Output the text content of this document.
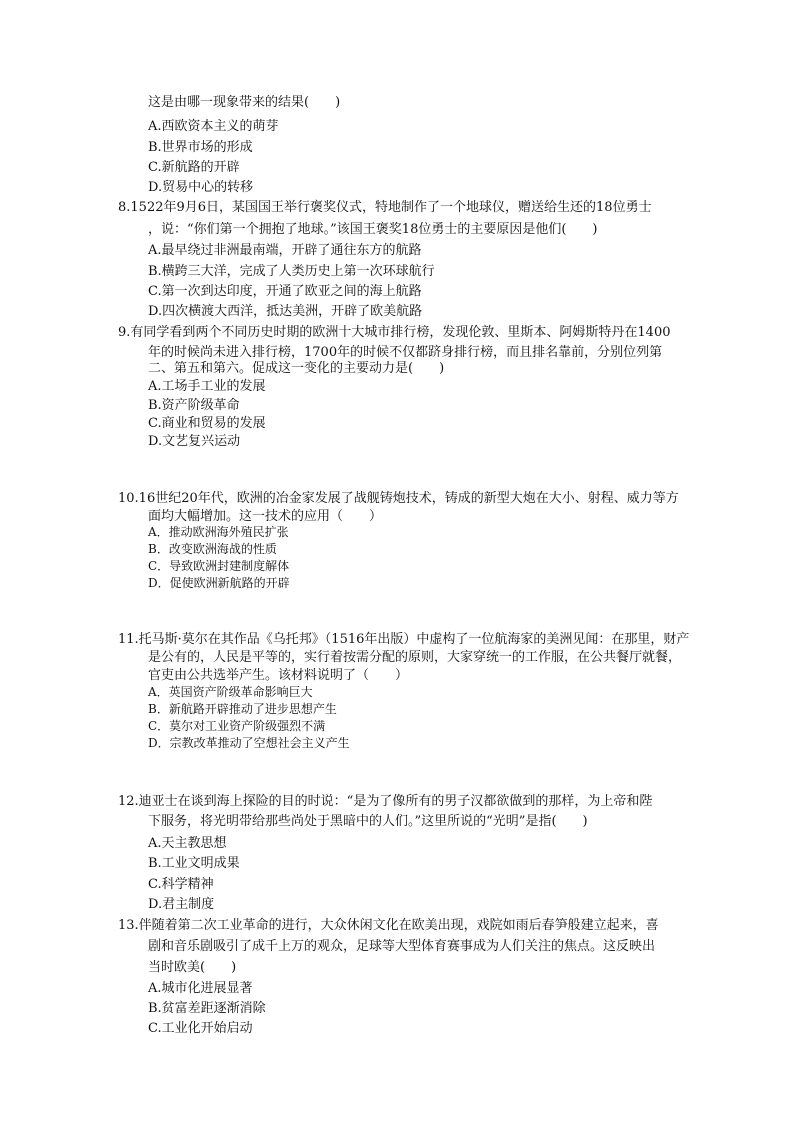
这是由哪一现象带来的结果(　　)
A.西欧资本主义的萌芽
B.世界市场的形成
C.新航路的开辟
D.贸易中心的转移
8.1522年9月6日，某国国王举行褒奖仪式，特地制作了一个地球仪，赠送给生还的18位勇士
，说：“你们第一个拥抱了地球。”该国王褒奖18位勇士的主要原因是他们(　　)
A.最早绕过非洲最南端，开辟了通往东方的航路
B.横跨三大洋，完成了人类历史上第一次环球航行
C.第一次到达印度，开通了欧亚之间的海上航路
D.四次横渡大西洋，抵达美洲，开辟了欧美航路
9.有同学看到两个不同历史时期的欧洲十大城市排行榜，发现伦敦、里斯本、阿姆斯特丹在1400
年的时候尚未进入排行榜，1700年的时候不仅都跻身排行榜，而且排名靠前，分别位列第
二、第五和第六。促成这一变化的主要动力是(　　)
A.工场手工业的发展
B.资产阶级革命
C.商业和贸易的发展
D.文艺复兴运动
10.16世纪20年代，欧洲的冶金家发展了战舰铸炮技术，铸成的新型大炮在大小、射程、威力等方
面均大幅增加。这一技术的应用（　　）
A．推动欧洲海外殖民扩张
B．改变欧洲海战的性质
C．导致欧洲封建制度解体
D．促使欧洲新航路的开辟
11.托马斯·莫尔在其作品《乌托邦》（1516年出版）中虚构了一位航海家的美洲见闻：在那里，财产
是公有的，人民是平等的，实行着按需分配的原则，大家穿统一的工作服，在公共餐厅就餐，
官吏由公共选举产生。该材料说明了（　　）
A．英国资产阶级革命影响巨大
B．新航路开辟推动了进步思想产生
C．莫尔对工业资产阶级强烈不满
D．宗教改革推动了空想社会主义产生
12.迪亚士在谈到海上探险的目的时说：“是为了像所有的男子汉都欲做到的那样，为上帝和陛
下服务，将光明带给那些尚处于黑暗中的人们。”这里所说的“光明”是指(　　)
A.天主教思想
B.工业文明成果
C.科学精神
D.君主制度
13.伴随着第二次工业革命的进行，大众休闲文化在欧美出现，戏院如雨后春笋般建立起来，喜
剧和音乐剧吸引了成千上万的观众，足球等大型体育赛事成为人们关注的焦点。这反映出
当时欧美(　　)
A.城市化进展显著
B.贫富差距逐渐消除
C.工业化开始启动
